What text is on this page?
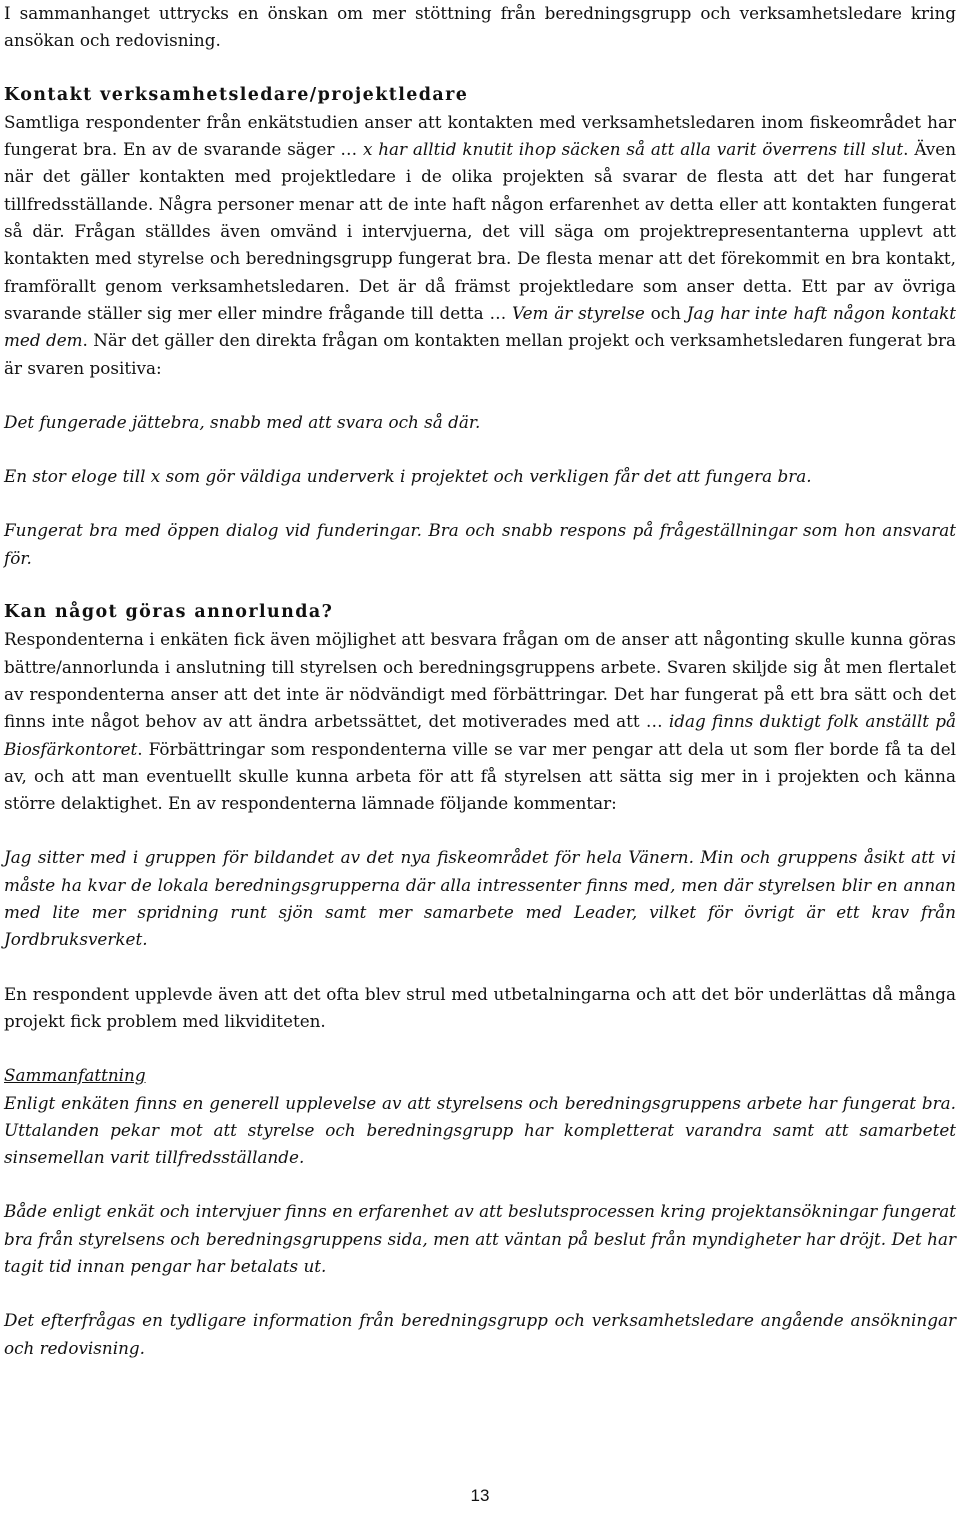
I sammanhanget uttrycks en önskan om mer stöttning från beredningsgrupp och verksamhetsledare kring ansökan och redovisning.

Kontakt verksamhetsledare/projektledare

Samtliga respondenter från enkätstudien anser att kontakten med verksamhetsledaren inom fiskeområdet har fungerat bra. En av de svarande säger … x har alltid knutit ihop säcken så att alla varit överrens till slut. Även när det gäller kontakten med projektledare i de olika projekten så svarar de flesta att det har fungerat tillfredsställande. Några personer menar att de inte haft någon erfarenhet av detta eller att kontakten fungerat så där. Frågan ställdes även omvänd i intervjuerna, det vill säga om projektrepresentanterna upplevt att kontakten med styrelse och beredningsgrupp fungerat bra. De flesta menar att det förekommit en bra kontakt, framförallt genom verksamhetsledaren. Det är då främst projektledare som anser detta. Ett par av övriga svarande ställer sig mer eller mindre frågande till detta … Vem är styrelse och Jag har inte haft någon kontakt med dem. När det gäller den direkta frågan om kontakten mellan projekt och verksamhetsledaren fungerat bra är svaren positiva:

Det fungerade jättebra, snabb med att svara och så där.

En stor eloge till x som gör väldiga underverk i projektet och verkligen får det att fungera bra.

Fungerat bra med öppen dialog vid funderingar. Bra och snabb respons på frågeställningar som hon ansvarat för.

Kan något göras annorlunda?

Respondenterna i enkäten fick även möjlighet att besvara frågan om de anser att någonting skulle kunna göras bättre/annorlunda i anslutning till styrelsen och beredningsgruppens arbete. Svaren skiljde sig åt men flertalet av respondenterna anser att det inte är nödvändigt med förbättringar. Det har fungerat på ett bra sätt och det finns inte något behov av att ändra arbetssättet, det motiverades med att … idag finns duktigt folk anställt på Biosfärkontoret. Förbättringar som respondenterna ville se var mer pengar att dela ut som fler borde få ta del av, och att man eventuellt skulle kunna arbeta för att få styrelsen att sätta sig mer in i projekten och känna större delaktighet. En av respondenterna lämnade följande kommentar:

Jag sitter med i gruppen för bildandet av det nya fiskeområdet för hela Vänern. Min och gruppens åsikt att vi måste ha kvar de lokala beredningsgrupperna där alla intressenter finns med, men där styrelsen blir en annan med lite mer spridning runt sjön samt mer samarbete med Leader, vilket för övrigt är ett krav från Jordbruksverket.

En respondent upplevde även att det ofta blev strul med utbetalningarna och att det bör underlättas då många projekt fick problem med likviditeten.

Sammanfattning

Enligt enkäten finns en generell upplevelse av att styrelsens och beredningsgruppens arbete har fungerat bra. Uttalanden pekar mot att styrelse och beredningsgrupp har kompletterat varandra samt att samarbetet sinsemellan varit tillfredsställande.

Både enligt enkät och intervjuer finns en erfarenhet av att beslutsprocessen kring projektansökningar fungerat bra från styrelsens och beredningsgruppens sida, men att väntan på beslut från myndigheter har dröjt. Det har tagit tid innan pengar har betalats ut.

Det efterfrågas en tydligare information från beredningsgrupp och verksamhetsledare angående ansökningar och redovisning.

13
